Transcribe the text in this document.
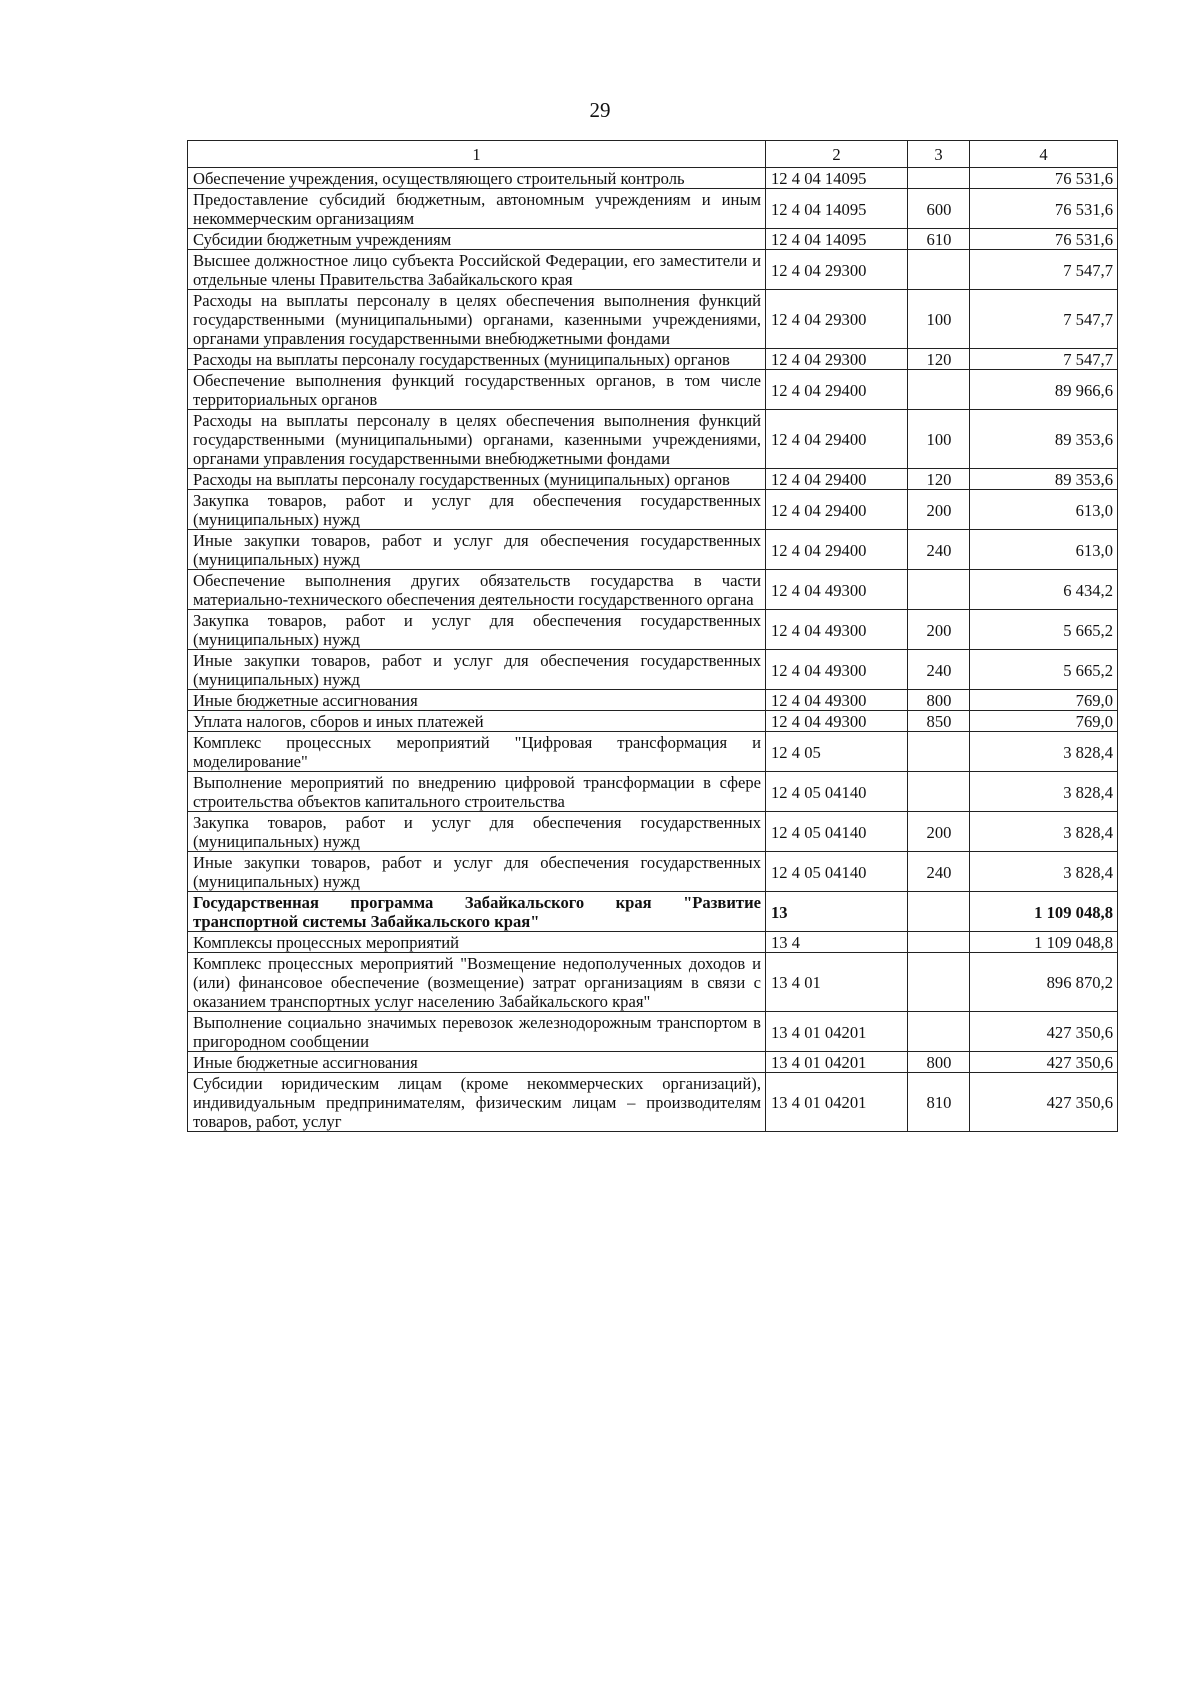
29
1	2	3	4
Обеспечение учреждения, осуществляющего строительный контроль	12 4 04 14095		76 531,6
Предоставление субсидий бюджетным, автономным учреждениям и иным некоммерческим организациям	12 4 04 14095	600	76 531,6
Субсидии бюджетным учреждениям	12 4 04 14095	610	76 531,6
Высшее должностное лицо субъекта Российской Федерации, его заместители и отдельные члены Правительства Забайкальского края	12 4 04 29300		7 547,7
Расходы на выплаты персоналу в целях обеспечения выполнения функций государственными (муниципальными) органами, казенными учреждениями, органами управления государственными внебюджетными фондами	12 4 04 29300	100	7 547,7
Расходы на выплаты персоналу государственных (муниципальных) органов	12 4 04 29300	120	7 547,7
Обеспечение выполнения функций государственных органов, в том числе территориальных органов	12 4 04 29400		89 966,6
Расходы на выплаты персоналу в целях обеспечения выполнения функций государственными (муниципальными) органами, казенными учреждениями, органами управления государственными внебюджетными фондами	12 4 04 29400	100	89 353,6
Расходы на выплаты персоналу государственных (муниципальных) органов	12 4 04 29400	120	89 353,6
Закупка товаров, работ и услуг для обеспечения государственных (муниципальных) нужд	12 4 04 29400	200	613,0
Иные закупки товаров, работ и услуг для обеспечения государственных (муниципальных) нужд	12 4 04 29400	240	613,0
Обеспечение выполнения других обязательств государства в части материально-технического обеспечения деятельности государственного органа	12 4 04 49300		6 434,2
Закупка товаров, работ и услуг для обеспечения государственных (муниципальных) нужд	12 4 04 49300	200	5 665,2
Иные закупки товаров, работ и услуг для обеспечения государственных (муниципальных) нужд	12 4 04 49300	240	5 665,2
Иные бюджетные ассигнования	12 4 04 49300	800	769,0
Уплата налогов, сборов и иных платежей	12 4 04 49300	850	769,0
Комплекс процессных мероприятий "Цифровая трансформация и моделирование"	12 4 05		3 828,4
Выполнение мероприятий по внедрению цифровой трансформации в сфере строительства объектов капитального строительства	12 4 05 04140		3 828,4
Закупка товаров, работ и услуг для обеспечения государственных (муниципальных) нужд	12 4 05 04140	200	3 828,4
Иные закупки товаров, работ и услуг для обеспечения государственных (муниципальных) нужд	12 4 05 04140	240	3 828,4
Государственная программа Забайкальского края "Развитие транспортной системы Забайкальского края"	13		1 109 048,8
Комплексы процессных мероприятий	13 4		1 109 048,8
Комплекс процессных мероприятий "Возмещение недополученных доходов и (или) финансовое обеспечение (возмещение) затрат организациям в связи с оказанием транспортных услуг населению Забайкальского края"	13 4 01		896 870,2
Выполнение социально значимых перевозок железнодорожным транспортом в пригородном сообщении	13 4 01 04201		427 350,6
Иные бюджетные ассигнования	13 4 01 04201	800	427 350,6
Субсидии юридическим лицам (кроме некоммерческих организаций), индивидуальным предпринимателям, физическим лицам – производителям товаров, работ, услуг	13 4 01 04201	810	427 350,6
